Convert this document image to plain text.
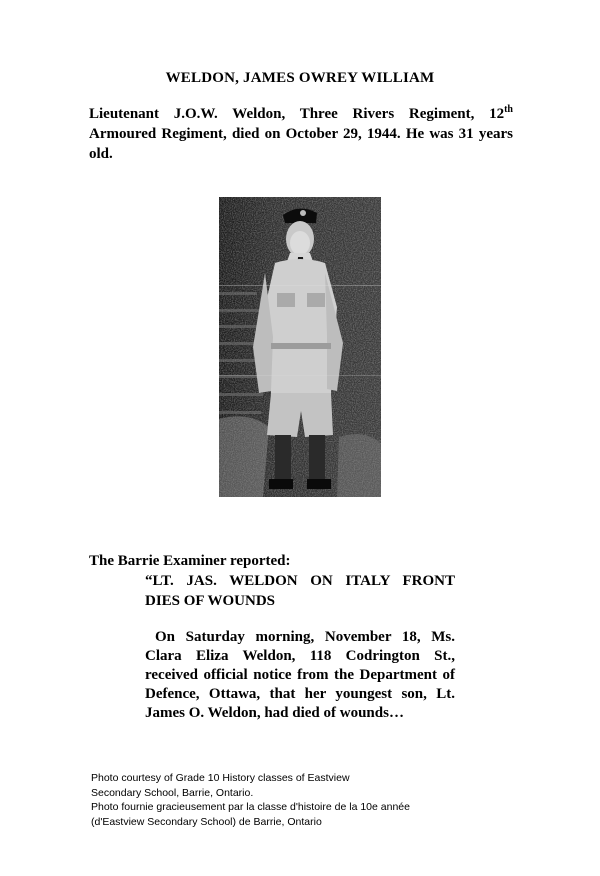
WELDON, JAMES OWREY WILLIAM
Lieutenant J.O.W. Weldon, Three Rivers Regiment, 12th Armoured Regiment, died on October 29, 1944. He was 31 years old.
The Barrie Examiner reported:
“LT. JAS. WELDON ON ITALY FRONT
DIES OF WOUNDS
On Saturday morning, November 18, Ms. Clara Eliza Weldon, 118 Codrington St., received official notice from the Department of Defence, Ottawa, that her youngest son, Lt. James O. Weldon, had died of wounds…
Photo courtesy of Grade 10 History classes of Eastview
Secondary School, Barrie, Ontario.
Photo fournie gracieusement par la classe d'histoire de la 10e année
(d'Eastview Secondary School) de Barrie, Ontario
